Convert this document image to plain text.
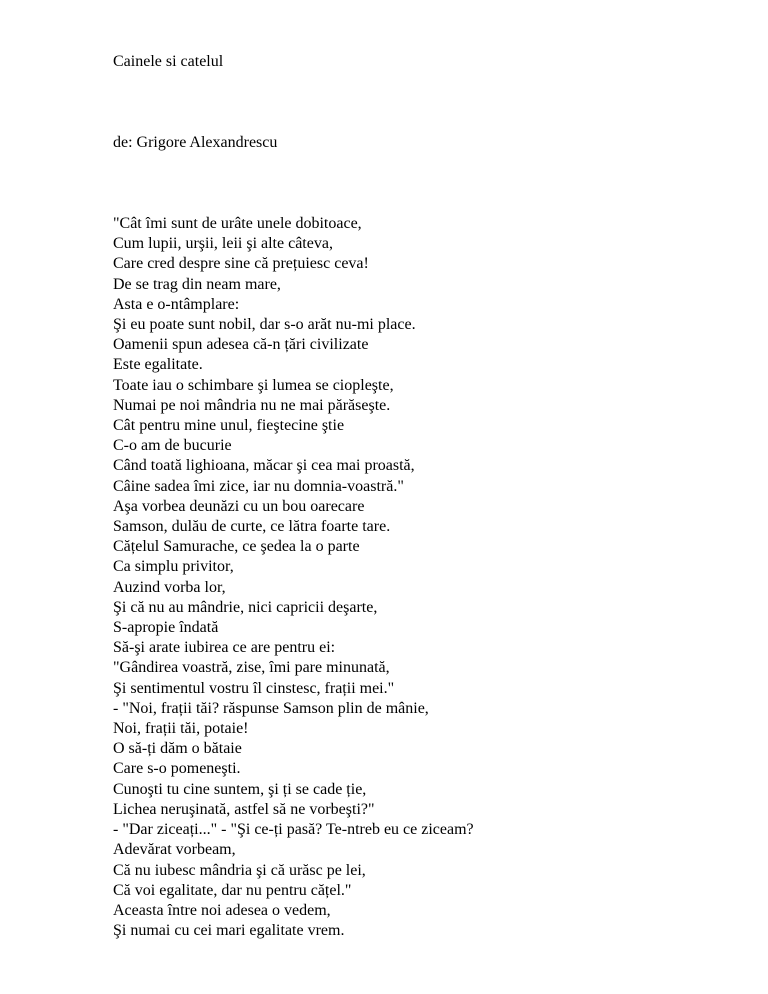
Cainele si catelul

de: Grigore Alexandrescu

"Cât îmi sunt de urâte unele dobitoace,
Cum lupii, urşii, leii şi alte câteva,
Care cred despre sine că prețuiesc ceva!
De se trag din neam mare,
Asta e o-ntâmplare:
Şi eu poate sunt nobil, dar s-o arăt nu-mi place.
Oamenii spun adesea că-n țări civilizate
Este egalitate.
Toate iau o schimbare şi lumea se ciopleşte,
Numai pe noi mândria nu ne mai părăseşte.
Cât pentru mine unul, fieştecine ştie
C-o am de bucurie
Când toată lighioana, măcar şi cea mai proastă,
Câine sadea îmi zice, iar nu domnia-voastră."
Aşa vorbea deunăzi cu un bou oarecare
Samson, dulău de curte, ce lătra foarte tare.
Cățelul Samurache, ce şedea la o parte
Ca simplu privitor,
Auzind vorba lor,
Şi că nu au mândrie, nici capricii deşarte,
S-apropie îndată
Să-şi arate iubirea ce are pentru ei:
"Gândirea voastră, zise, îmi pare minunată,
Şi sentimentul vostru îl cinstesc, frații mei."
- "Noi, frații tăi? răspunse Samson plin de mânie,
Noi, frații tăi, potaie!
O să-ți dăm o bătaie
Care s-o pomeneşti.
Cunoşti tu cine suntem, şi ți se cade ție,
Lichea neruşinată, astfel să ne vorbeşti?"
- "Dar ziceați..." - "Şi ce-ți pasă? Te-ntreb eu ce ziceam?
Adevărat vorbeam,
Că nu iubesc mândria şi că urăsc pe lei,
Că voi egalitate, dar nu pentru cățel."
Aceasta între noi adesea o vedem,
Şi numai cu cei mari egalitate vrem.
